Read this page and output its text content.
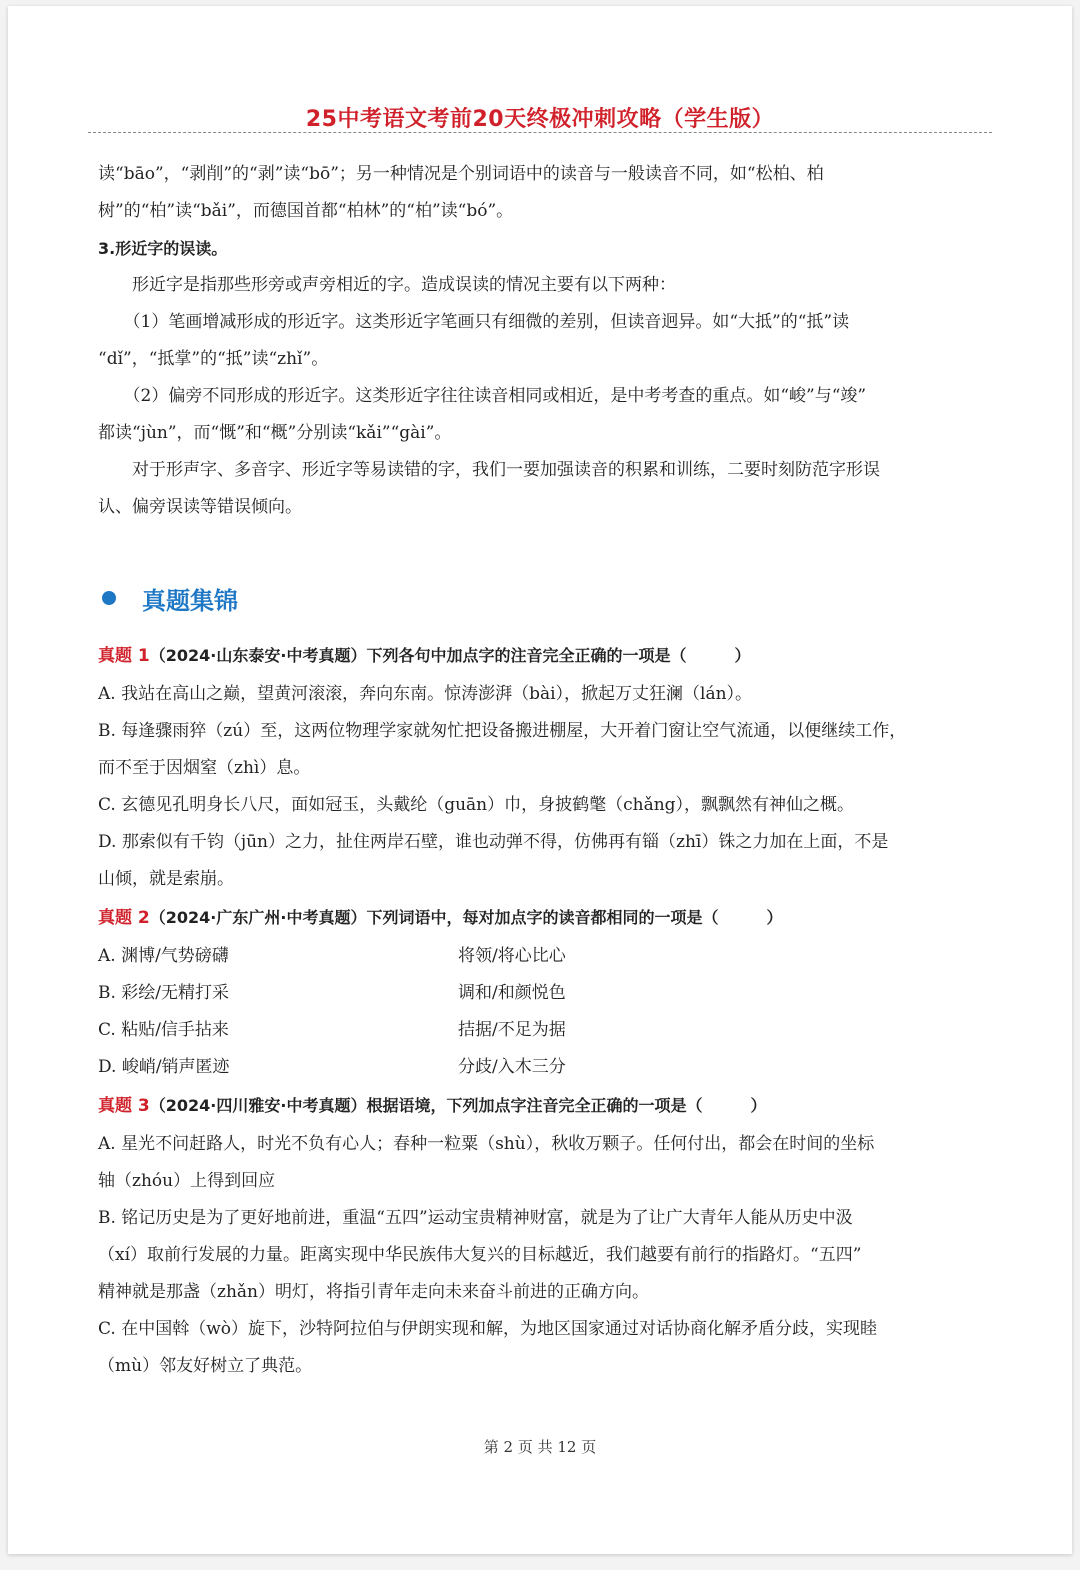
25中考语文考前20天终极冲刺攻略（学生版）

读“bāo”，“剥削”的“剥”读“bō”；另一种情况是个别词语中的读音与一般读音不同，如“松柏、柏

树”的“柏”读“bǎi”，而德国首都“柏林”的“柏”读“bó”。

3.形近字的误读。

形近字是指那些形旁或声旁相近的字。造成误读的情况主要有以下两种：

（1）笔画增减形成的形近字。这类形近字笔画只有细微的差别，但读音迥异。如“大抵”的“抵”读

“dǐ”，“抵掌”的“抵”读“zhǐ”。

（2）偏旁不同形成的形近字。这类形近字往往读音相同或相近，是中考考查的重点。如“峻”与“竣”

都读“jùn”，而“慨”和“概”分别读“kǎi”“gài”。

对于形声字、多音字、形近字等易读错的字，我们一要加强读音的积累和训练，二要时刻防范字形误

认、偏旁误读等错误倾向。

真题集锦

真题 1（2024·山东泰安·中考真题）下列各句中加点字的注音完全正确的一项是（　　　）

A. 我站在高山之巅，望黄河滚滚，奔向东南。惊涛澎湃（bài），掀起万丈狂澜（lán）。

B. 每逢骤雨猝（zú）至，这两位物理学家就匆忙把设备搬进棚屋，大开着门窗让空气流通，以便继续工作，

而不至于因烟窒（zhì）息。

C. 玄德见孔明身长八尺，面如冠玉，头戴纶（guān）巾，身披鹤氅（chǎng），飘飘然有神仙之概。

D. 那索似有千钧（jūn）之力，扯住两岸石壁，谁也动弹不得，仿佛再有锱（zhī）铢之力加在上面，不是

山倾，就是索崩。

真题 2（2024·广东广州·中考真题）下列词语中，每对加点字的读音都相同的一项是（　　　）

A. 渊博/气势磅礴	将领/将心比心
B. 彩绘/无精打采	调和/和颜悦色
C. 粘贴/信手拈来	拮据/不足为据
D. 峻峭/销声匿迹	分歧/入木三分

真题 3（2024·四川雅安·中考真题）根据语境，下列加点字注音完全正确的一项是（　　　）

A. 星光不问赶路人，时光不负有心人；春种一粒粟（shù），秋收万颗子。任何付出，都会在时间的坐标

轴（zhóu）上得到回应

B. 铭记历史是为了更好地前进，重温“五四”运动宝贵精神财富，就是为了让广大青年人能从历史中汲

（xí）取前行发展的力量。距离实现中华民族伟大复兴的目标越近，我们越要有前行的指路灯。“五四”

精神就是那盏（zhǎn）明灯，将指引青年走向未来奋斗前进的正确方向。

C. 在中国斡（wò）旋下，沙特阿拉伯与伊朗实现和解，为地区国家通过对话协商化解矛盾分歧，实现睦

（mù）邻友好树立了典范。

第 2 页 共 12 页
